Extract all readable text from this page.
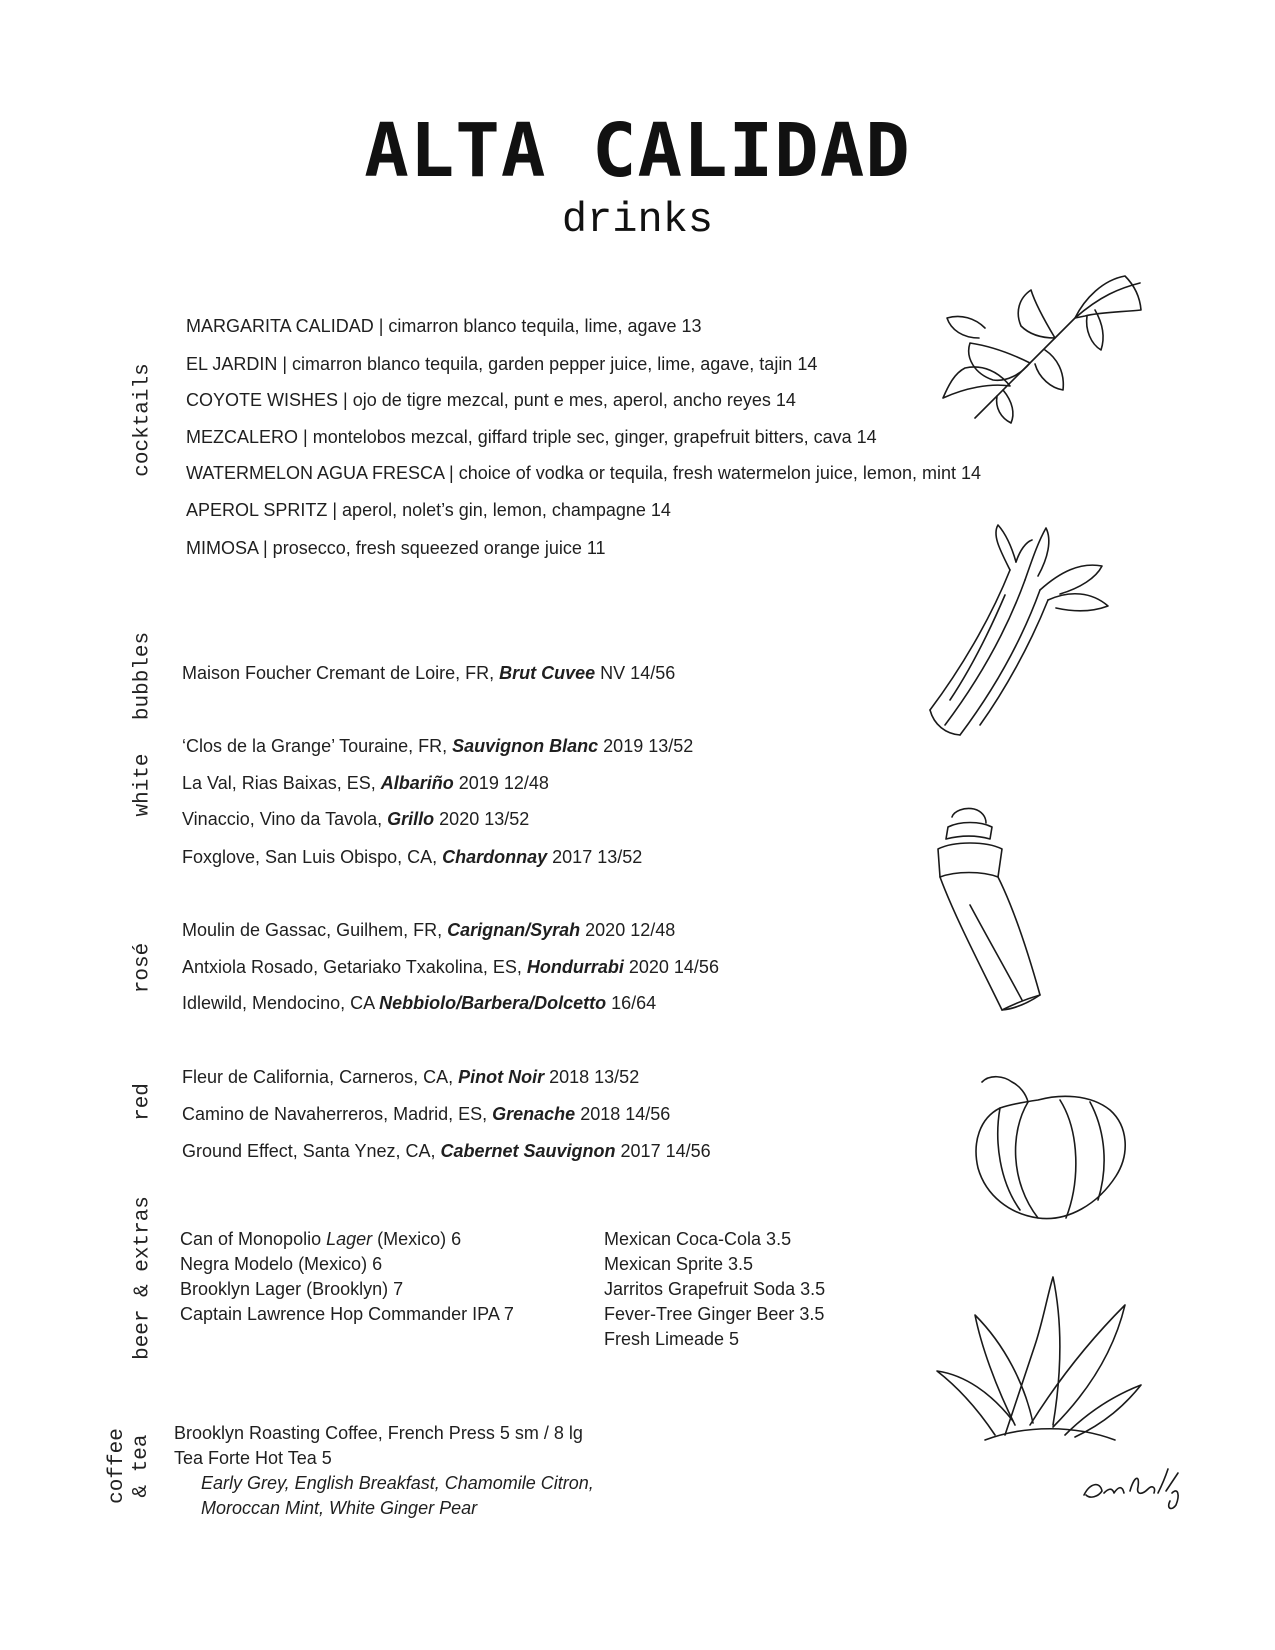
ALTA CALIDAD
drinks
cocktails
bubbles
white
rosé
red
beer & extras
coffee & tea
MARGARITA CALIDAD | cimarron blanco tequila, lime, agave 13
EL JARDIN | cimarron blanco tequila, garden pepper juice, lime, agave, tajin 14
COYOTE WISHES | ojo de tigre mezcal, punt e mes, aperol, ancho reyes 14
MEZCALERO | montelobos mezcal, giffard triple sec, ginger, grapefruit bitters, cava 14
WATERMELON AGUA FRESCA | choice of vodka or tequila, fresh watermelon juice, lemon, mint 14
APEROL SPRITZ | aperol, nolet’s gin, lemon, champagne 14
MIMOSA | prosecco, fresh squeezed orange juice 11
Maison Foucher Cremant de Loire, FR, Brut Cuvee NV 14/56
‘Clos de la Grange’ Touraine, FR, Sauvignon Blanc 2019 13/52
La Val, Rias Baixas, ES, Albariño 2019 12/48
Vinaccio, Vino da Tavola, Grillo 2020 13/52
Foxglove, San Luis Obispo, CA, Chardonnay 2017 13/52
Moulin de Gassac, Guilhem, FR, Carignan/Syrah 2020 12/48
Antxiola Rosado, Getariako Txakolina, ES, Hondurrabi 2020 14/56
Idlewild, Mendocino, CA Nebbiolo/Barbera/Dolcetto 16/64
Fleur de California, Carneros, CA, Pinot Noir 2018 13/52
Camino de Navaherreros, Madrid, ES, Grenache 2018 14/56
Ground Effect, Santa Ynez, CA, Cabernet Sauvignon 2017 14/56
Can of Monopolio Lager (Mexico) 6
Negra Modelo (Mexico) 6
Brooklyn Lager (Brooklyn) 7
Captain Lawrence Hop Commander IPA 7
Mexican Coca-Cola 3.5
Mexican Sprite 3.5
Jarritos Grapefruit Soda 3.5
Fever-Tree Ginger Beer 3.5
Fresh Limeade 5
Brooklyn Roasting Coffee, French Press 5 sm / 8 lg
Tea Forte Hot Tea 5
Early Grey, English Breakfast, Chamomile Citron,
Moroccan Mint, White Ginger Pear
